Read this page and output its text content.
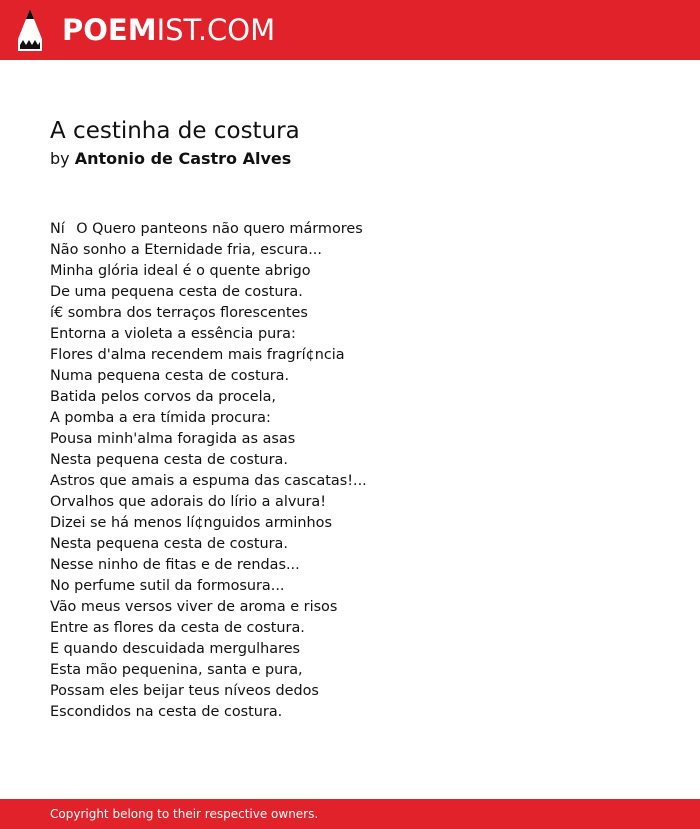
POEMIST.COM
A cestinha de costura
by Antonio de Castro Alves
NíO Quero panteons não quero mármores
Não sonho a Eternidade fria, escura...
Minha glória ideal é o quente abrigo
De uma pequena cesta de costura.
í€ sombra dos terraços florescentes
Entorna a violeta a essência pura:
Flores d'alma recendem mais fragrí¢ncia
Numa pequena cesta de costura.
Batida pelos corvos da procela,
A pomba a era tímida procura:
Pousa minh'alma foragida as asas
Nesta pequena cesta de costura.
Astros que amais a espuma das cascatas!...
Orvalhos que adorais do lírio a alvura!
Dizei se há menos lí¢nguidos arminhos
Nesta pequena cesta de costura.
Nesse ninho de fitas e de rendas...
No perfume sutil da formosura...
Vão meus versos viver de aroma e risos
Entre as flores da cesta de costura.
E quando descuidada mergulhares
Esta mão pequenina, santa e pura,
Possam eles beijar teus níveos dedos
Escondidos na cesta de costura.
Copyright belong to their respective owners.
